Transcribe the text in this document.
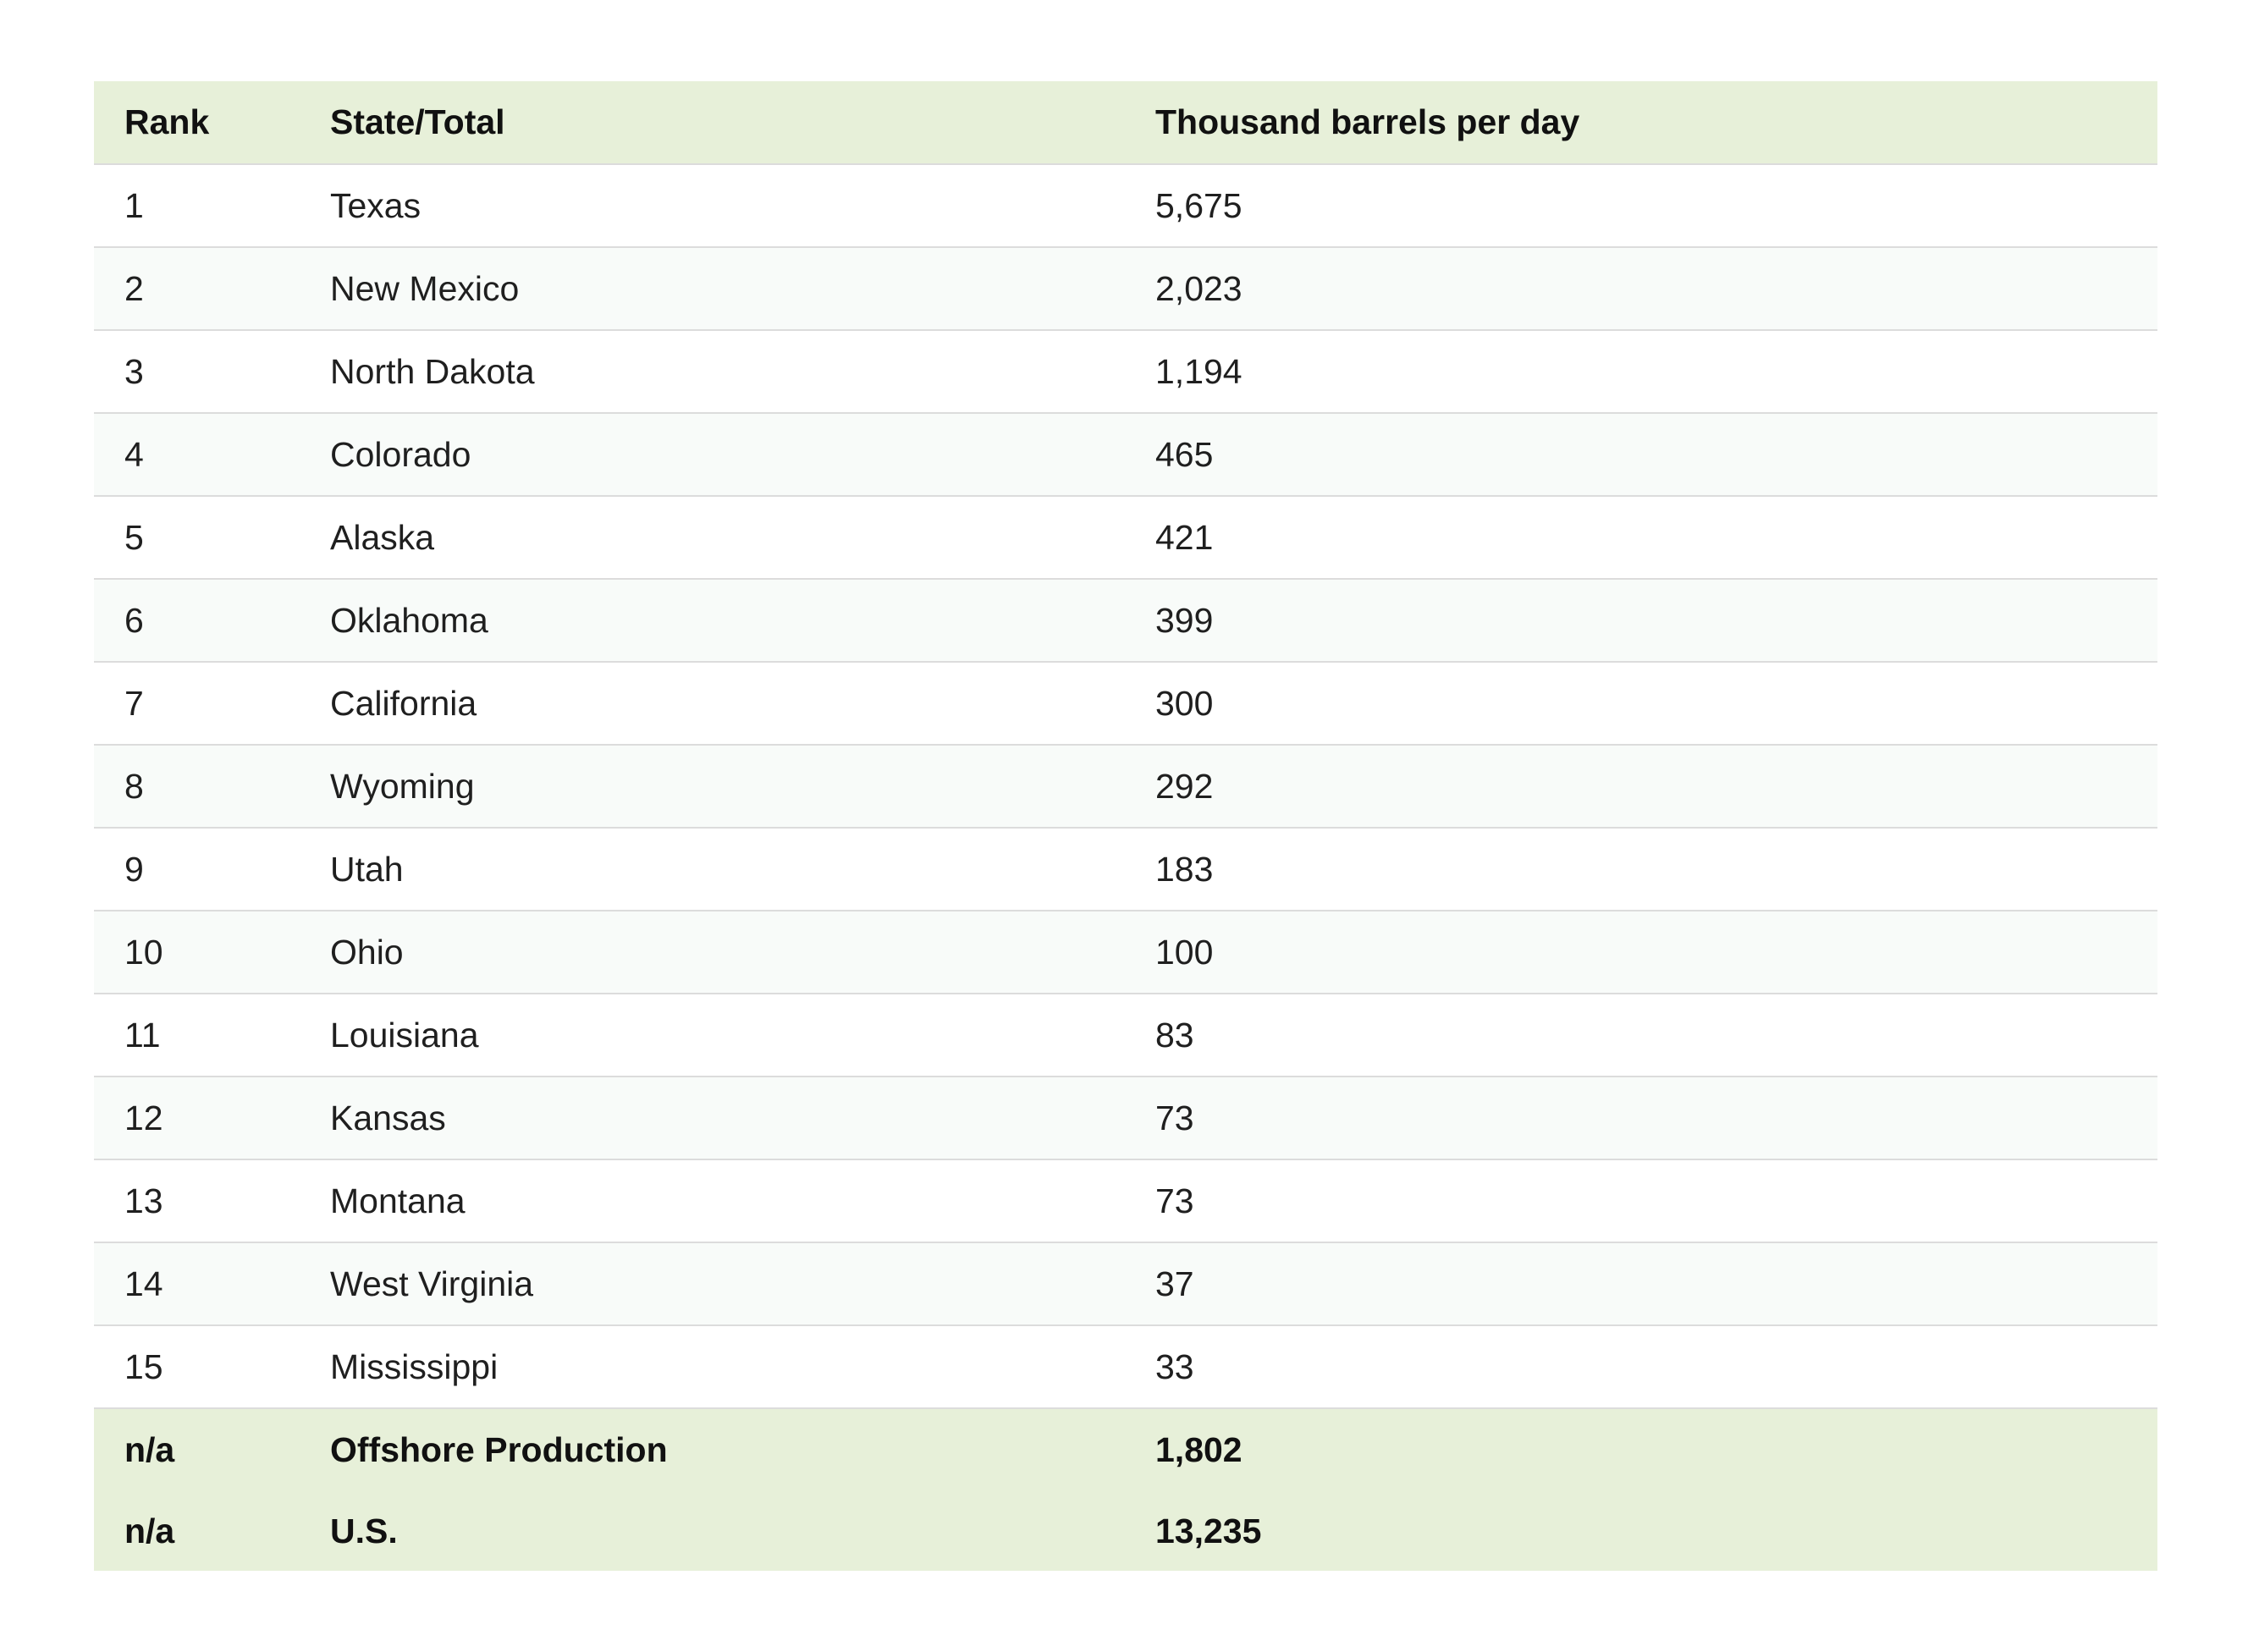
Rank	State/Total	Thousand barrels per day
1	Texas	5,675
2	New Mexico	2,023
3	North Dakota	1,194
4	Colorado	465
5	Alaska	421
6	Oklahoma	399
7	California	300
8	Wyoming	292
9	Utah	183
10	Ohio	100
11	Louisiana	83
12	Kansas	73
13	Montana	73
14	West Virginia	37
15	Mississippi	33
n/a	Offshore Production	1,802
n/a	U.S.	13,235
